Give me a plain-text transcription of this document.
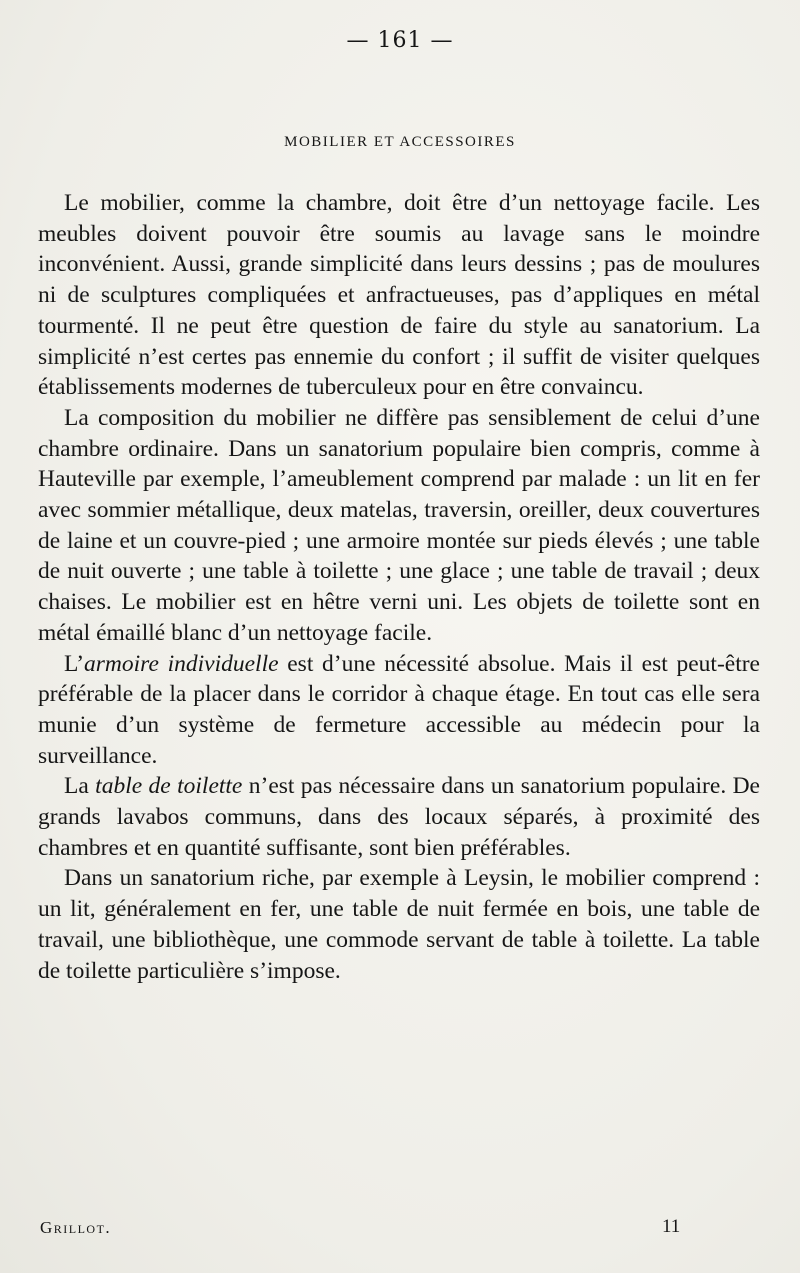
— 161 —
MOBILIER ET ACCESSOIRES

Le mobilier, comme la chambre, doit être d’un nettoyage facile. Les meubles doivent pouvoir être soumis au lavage sans le moindre inconvénient. Aussi, grande simplicité dans leurs dessins ; pas de moulures ni de sculptures compliquées et anfractueuses, pas d’appliques en métal tourmenté. Il ne peut être question de faire du style au sanatorium. La simplicité n’est certes pas ennemie du confort ; il suffit de visiter quelques établissements modernes de tuberculeux pour en être convaincu.

La composition du mobilier ne diffère pas sensiblement de celui d’une chambre ordinaire. Dans un sanatorium populaire bien compris, comme à Hauteville par exemple, l’ameublement comprend par malade : un lit en fer avec sommier métallique, deux matelas, traversin, oreiller, deux couvertures de laine et un couvre-pied ; une armoire montée sur pieds élevés ; une table de nuit ouverte ; une table à toilette ; une glace ; une table de travail ; deux chaises. Le mobilier est en hêtre verni uni. Les objets de toilette sont en métal émaillé blanc d’un nettoyage facile.

L’armoire individuelle est d’une nécessité absolue. Mais il est peut-être préférable de la placer dans le corridor à chaque étage. En tout cas elle sera munie d’un système de fermeture accessible au médecin pour la surveillance.

La table de toilette n’est pas nécessaire dans un sanatorium populaire. De grands lavabos communs, dans des locaux séparés, à proximité des chambres et en quantité suffisante, sont bien préférables.

Dans un sanatorium riche, par exemple à Leysin, le mobilier comprend : un lit, généralement en fer, une table de nuit fermée en bois, une table de travail, une bibliothèque, une commode servant de table à toilette. La table de toilette particulière s’impose.

Grillot.	11
